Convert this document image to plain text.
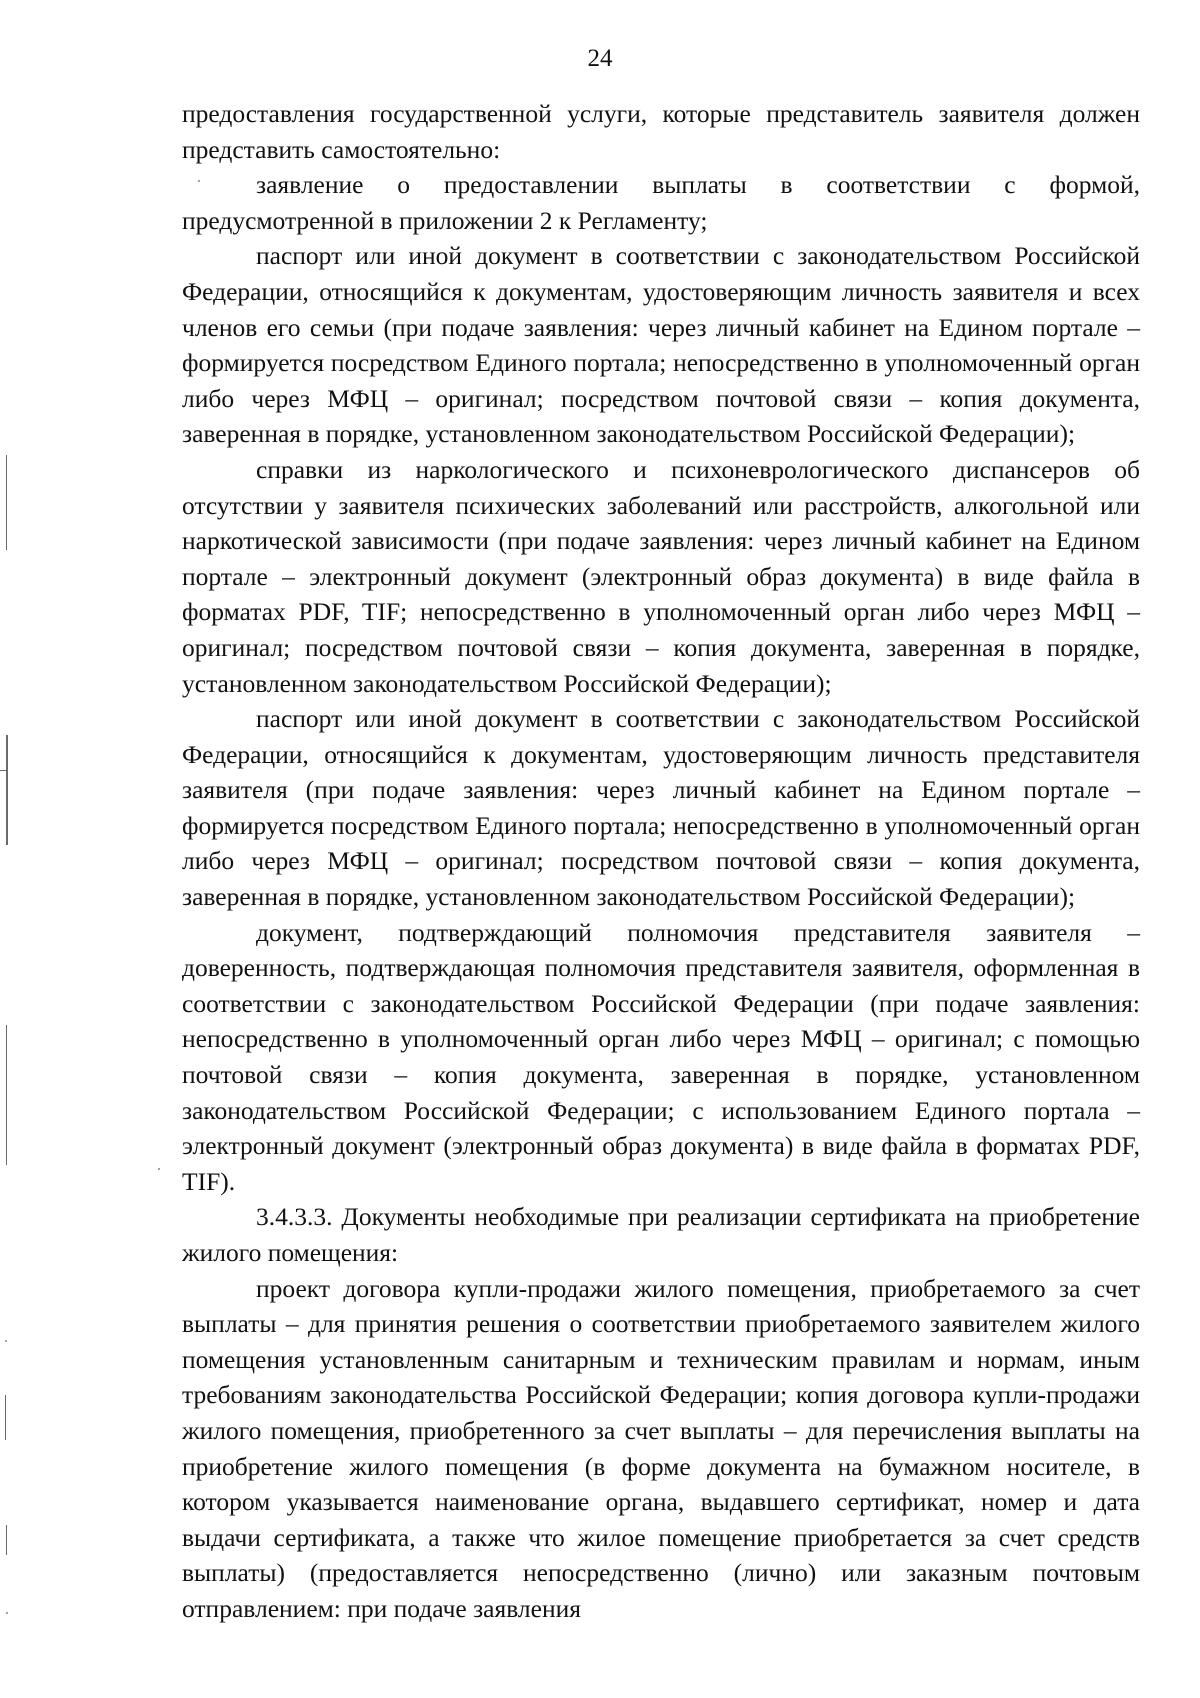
24

предоставления государственной услуги, которые представитель заявителя должен представить самостоятельно:

заявление о предоставлении выплаты в соответствии с формой, предусмотренной в приложении 2 к Регламенту;

паспорт или иной документ в соответствии с законодательством Российской Федерации, относящийся к документам, удостоверяющим личность заявителя и всех членов его семьи (при подаче заявления: через личный кабинет на Едином портале – формируется посредством Единого портала; непосредственно в уполномоченный орган либо через МФЦ – оригинал; посредством почтовой связи – копия документа, заверенная в порядке, установленном законодательством Российской Федерации);

справки из наркологического и психоневрологического диспансеров об отсутствии у заявителя психических заболеваний или расстройств, алкогольной или наркотической зависимости (при подаче заявления: через личный кабинет на Едином портале – электронный документ (электронный образ документа) в виде файла в форматах PDF, TIF; непосредственно в уполномоченный орган либо через МФЦ – оригинал; посредством почтовой связи – копия документа, заверенная в порядке, установленном законодательством Российской Федерации);

паспорт или иной документ в соответствии с законодательством Российской Федерации, относящийся к документам, удостоверяющим личность представителя заявителя (при подаче заявления: через личный кабинет на Едином портале – формируется посредством Единого портала; непосредственно в уполномоченный орган либо через МФЦ – оригинал; посредством почтовой связи – копия документа, заверенная в порядке, установленном законодательством Российской Федерации);

документ, подтверждающий полномочия представителя заявителя – доверенность, подтверждающая полномочия представителя заявителя, оформленная в соответствии с законодательством Российской Федерации (при подаче заявления: непосредственно в уполномоченный орган либо через МФЦ – оригинал; с помощью почтовой связи – копия документа, заверенная в порядке, установленном законодательством Российской Федерации; с использованием Единого портала – электронный документ (электронный образ документа) в виде файла в форматах PDF, TIF).

3.4.3.3. Документы необходимые при реализации сертификата на приобретение жилого помещения:

проект договора купли-продажи жилого помещения, приобретаемого за счет выплаты – для принятия решения о соответствии приобретаемого заявителем жилого помещения установленным санитарным и техническим правилам и нормам, иным требованиям законодательства Российской Федерации; копия договора купли-продажи жилого помещения, приобретенного за счет выплаты – для перечисления выплаты на приобретение жилого помещения (в форме документа на бумажном носителе, в котором указывается наименование органа, выдавшего сертификат, номер и дата выдачи сертификата, а также что жилое помещение приобретается за счет средств выплаты) (предоставляется непосредственно (лично) или заказным почтовым отправлением: при подаче заявления
